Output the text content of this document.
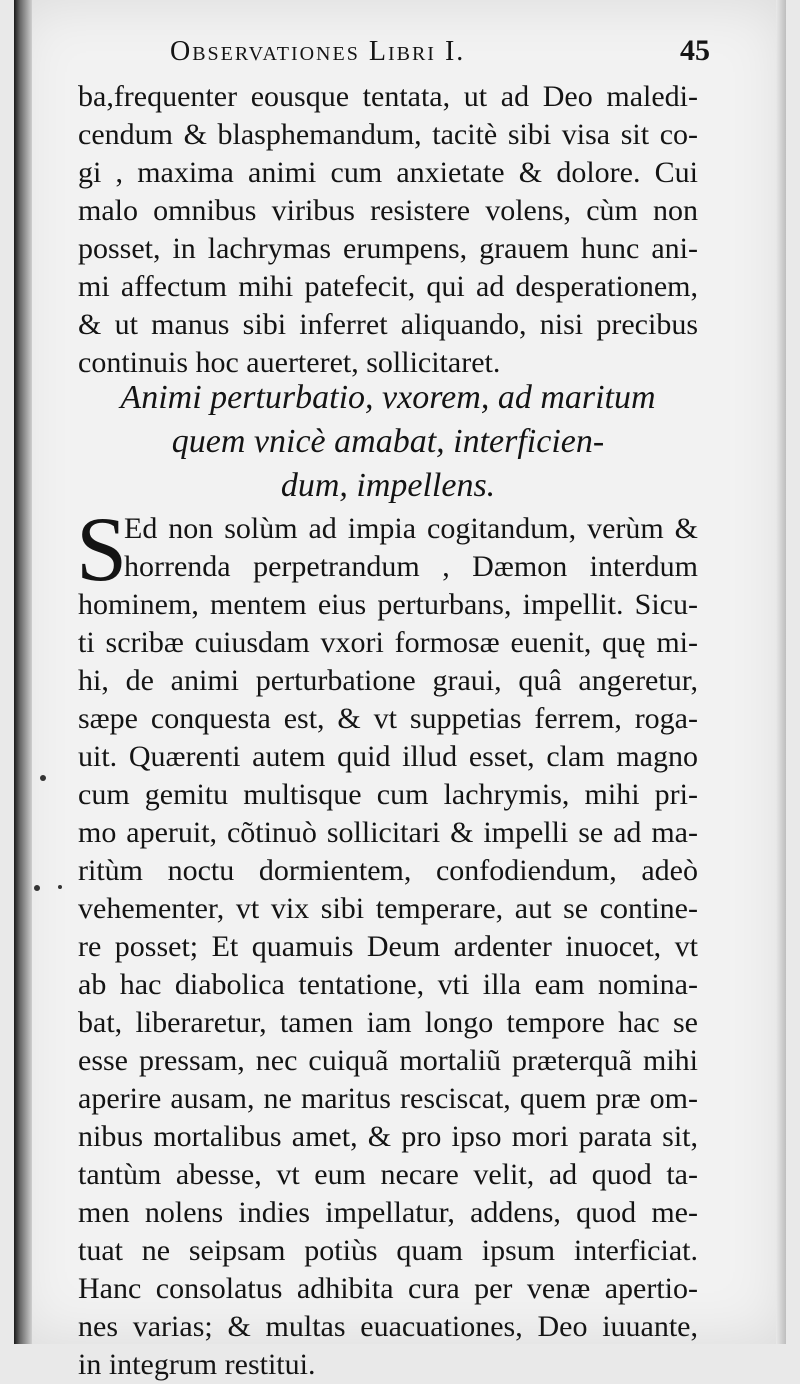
Observationes Libri I.	45
ba,frequenter eousque tentata, ut ad Deo maledi-
cendum & blasphemandum, tacitè sibi visa sit co-
gi , maxima animi cum anxietate & dolore. Cui
malo omnibus viribus resistere volens, cùm non
posset, in lachrymas erumpens, grauem hunc ani-
mi affectum mihi patefecit, qui ad desperationem,
& ut manus sibi inferret aliquando, nisi precibus
continuis hoc auerteret, sollicitaret.
Animi perturbatio, vxorem, ad maritum
quem vnicè amabat, interficien-
dum, impellens.
S
Ed non solùm ad impia cogitandum, verùm &
horrenda perpetrandum , Dæmon interdum
hominem, mentem eius perturbans, impellit. Sicu-
ti scribæ cuiusdam vxori formosæ euenit, quę mi-
hi, de animi perturbatione graui, quâ angeretur,
sæpe conquesta est, & vt suppetias ferrem, roga-
uit. Quærenti autem quid illud esset, clam magno
cum gemitu multisque cum lachrymis, mihi pri-
mo aperuit, cõtinuò sollicitari & impelli se ad ma-
ritùm noctu dormientem, confodiendum, adeò
vehementer, vt vix sibi temperare, aut se contine-
re posset; Et quamuis Deum ardenter inuocet, vt
ab hac diabolica tentatione, vti illa eam nomina-
bat, liberaretur, tamen iam longo tempore hac se
esse pressam, nec cuiquã mortaliũ præterquã mihi
aperire ausam, ne maritus resciscat, quem præ om-
nibus mortalibus amet, & pro ipso mori parata sit,
tantùm abesse, vt eum necare velit, ad quod ta-
men nolens indies impellatur, addens, quod me-
tuat ne seipsam potiùs quam ipsum interficiat.
Hanc consolatus adhibita cura per venæ apertio-
nes varias; & multas euacuationes, Deo iuuante,
in integrum restitui.
